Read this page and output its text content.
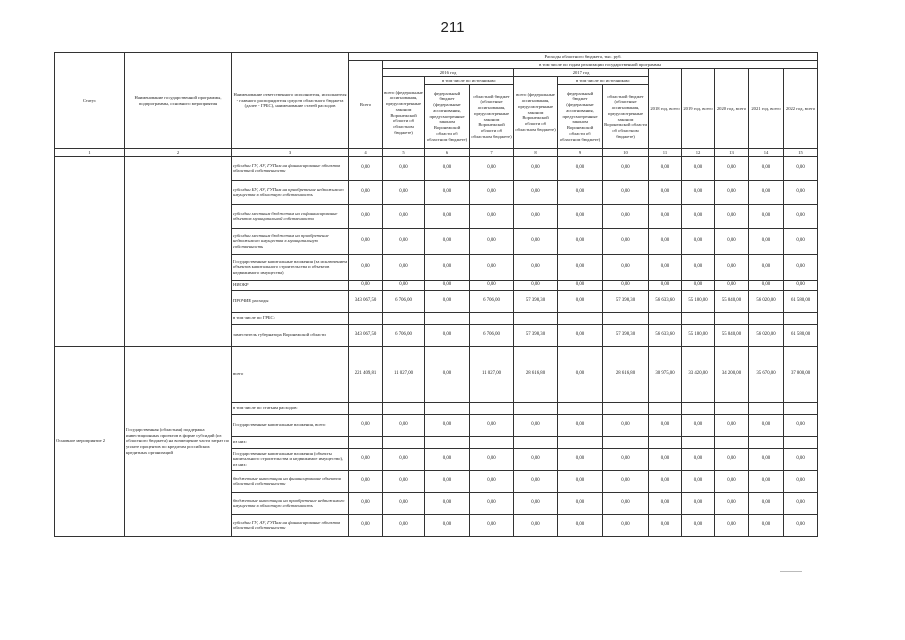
211
Статус	Наименование государственной программы, подпрограммы, основного мероприятия	Наименование ответственного исполнителя, исполнителя - главного распорядителя средств областного бюджета (далее - ГРБС), наименование статей расходов	Расходы областного бюджета, тыс. руб.											
			Всего	в том числе по годам реализации государственной программы										
				2016 год			2017 год			2018 год, всего	2019 год, всего	2020 год, всего	2021 год, всего	2022 год, всего
				всего (федеральные ассигнования, предусмотренные законом Воронежской области об областном бюджете)	в том числе по источникам:		всего (федеральные ассигнования, предусмотренные законом Воронежской области об областном бюджете)	в том числе по источникам:						
					федеральный бюджет (федеральные ассигнования, предусмотренные законом Воронежской области об областном бюджете)	областной бюджет (областные ассигнования, предусмотренные законом Воронежской области об областном бюджете)		федеральный бюджет (федеральные ассигнования, предусмотренные законом Воронежской области об областном бюджете)	областной бюджет (областные ассигнования, предусмотренные законом Воронежской области об областном бюджете)					
1	2	3	4	5	6	7	8	9	10	11	12	13	14	15
		субсидии ГУ, АУ, ГУПам на финансирование объектов областной собственности	0,00	0,00	0,00	0,00	0,00	0,00	0,00	0,00	0,00	0,00	0,00	0,00
		субсидии БУ, АУ, ГУПам на приобретение недвижимого имущества в областную собственность	0,00	0,00	0,00	0,00	0,00	0,00	0,00	0,00	0,00	0,00	0,00	0,00
		субсидии местным бюджетам на софинансирование объектов муниципальной собственности	0,00	0,00	0,00	0,00	0,00	0,00	0,00	0,00	0,00	0,00	0,00	0,00
		субсидии местным бюджетам на приобретение недвижимого имущества в муниципальную собственность	0,00	0,00	0,00	0,00	0,00	0,00	0,00	0,00	0,00	0,00	0,00	0,00
		Государственные капитальные вложения (за исключением объектов капитального строительства и объектов недвижимого имущества)	0,00	0,00	0,00	0,00	0,00	0,00	0,00	0,00	0,00	0,00	0,00	0,00
		НИОКР	0,00	0,00	0,00	0,00	0,00	0,00	0,00	0,00	0,00	0,00	0,00	0,00
		ПРОЧИЕ расходы	343 067,50	6 706,00	0,00	6 706,00	57 398,30	0,00	57 398,30	56 633,60	55 180,00	55 840,00	56 020,00	61 580,00
		в том числе по ГРБС:												
		заместитель губернатора Воронежской области	343 067,50	6 706,00	0,00	6 706,00	57 398,30	0,00	57 398,30	56 633,60	55 180,00	55 840,00	56 020,00	61 580,00
Основное мероприятие 2	Государственная (областная) поддержка инвестиционных проектов в форме субсидий (из областного бюджета) на возмещение части затрат по уплате процентов по кредитам российских кредитных организаций	всего	221 409,81	11 027,00	0,00	11 027,00	28 616,80	0,00	28 616,80	30 975,00	33 420,00	34 200,00	35 670,00	37 800,00
		в том числе по статьям расходов:												
		Государственные капитальные вложения, всего	0,00	0,00	0,00	0,00	0,00	0,00	0,00	0,00	0,00	0,00	0,00	0,00
		из них:												
		Государственные капитальные вложения (объекты капитального строительства и недвижимое имущество), из них:	0,00	0,00	0,00	0,00	0,00	0,00	0,00	0,00	0,00	0,00	0,00	0,00
		бюджетные инвестиции на финансирование объектов областной собственности	0,00	0,00	0,00	0,00	0,00	0,00	0,00	0,00	0,00	0,00	0,00	0,00
		бюджетные инвестиции на приобретение недвижимого имущества в областную собственность	0,00	0,00	0,00	0,00	0,00	0,00	0,00	0,00	0,00	0,00	0,00	0,00
		субсидии ГУ, АУ, ГУПам на финансирование объектов областной собственности	0,00	0,00	0,00	0,00	0,00	0,00	0,00	0,00	0,00	0,00	0,00	0,00
